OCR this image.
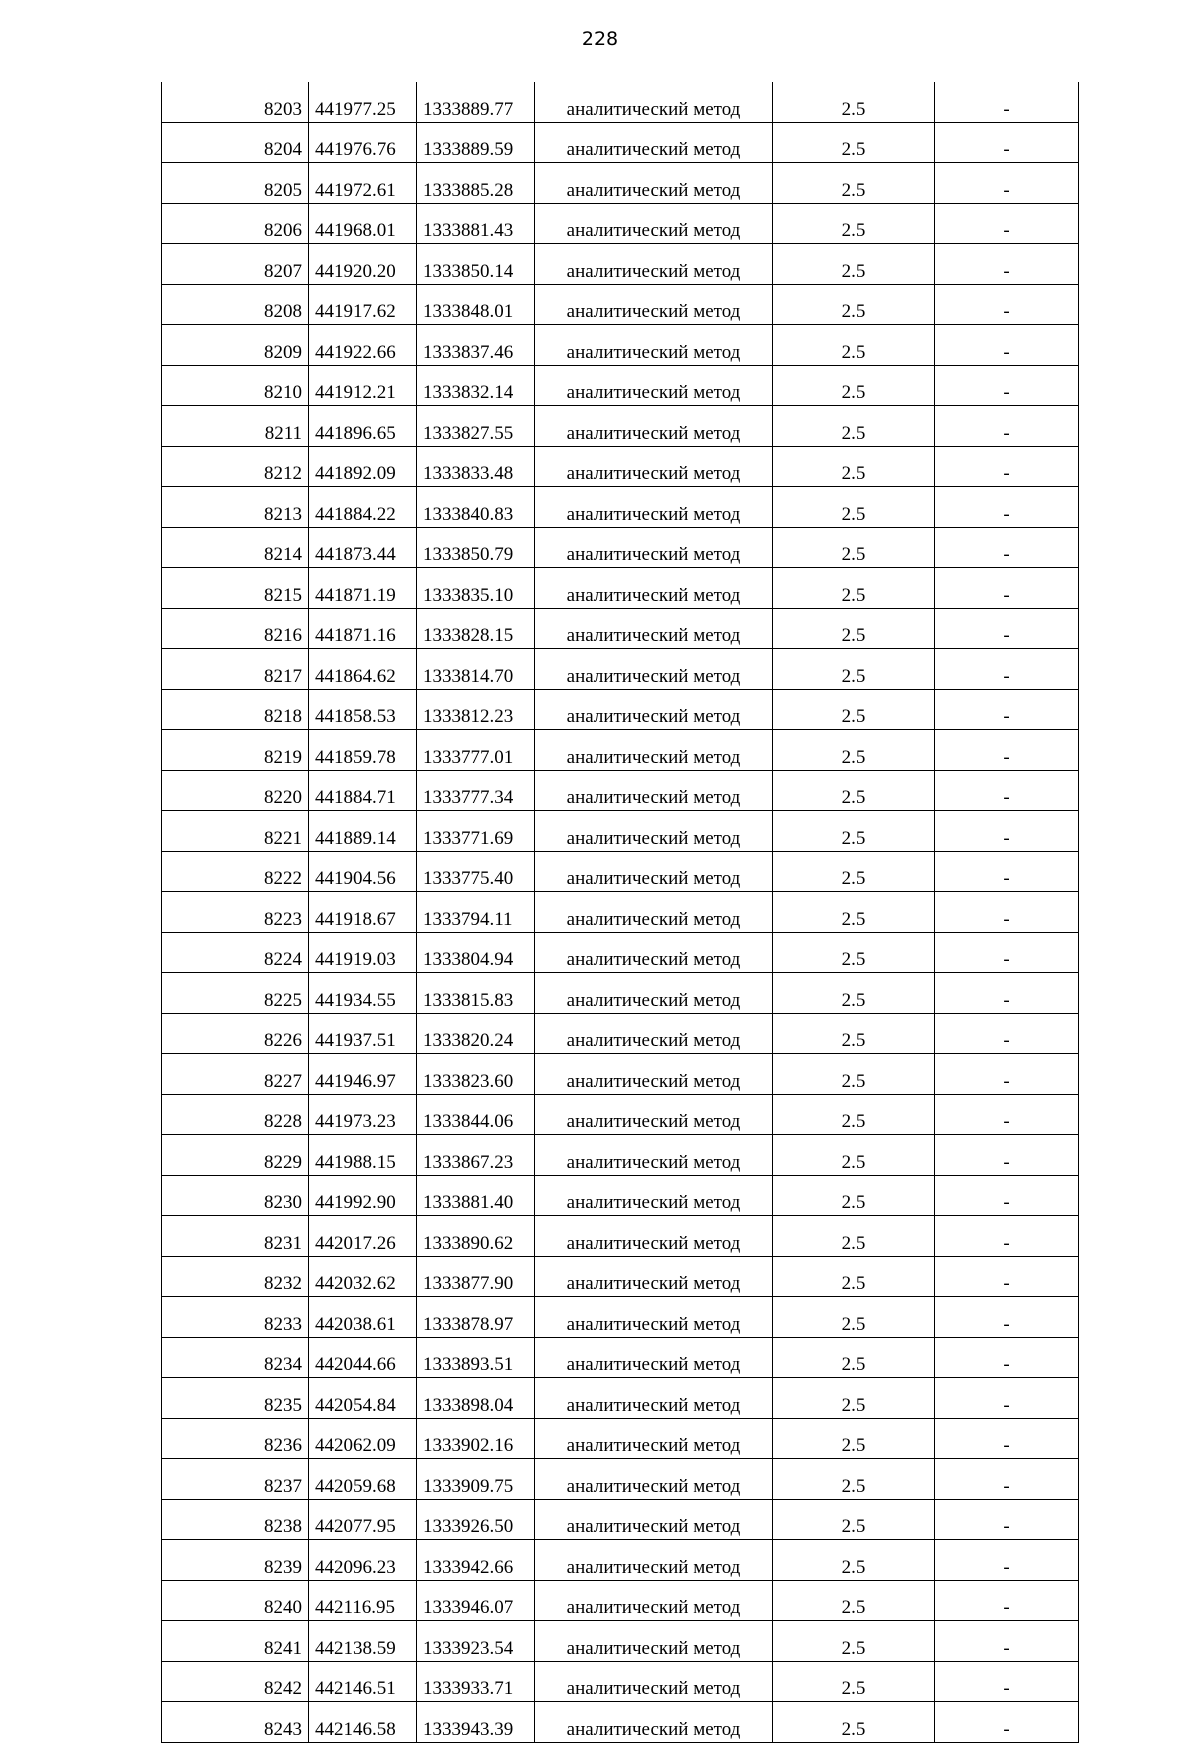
228
8203	441977.25	1333889.77	аналитический метод	2.5	-
8204	441976.76	1333889.59	аналитический метод	2.5	-
8205	441972.61	1333885.28	аналитический метод	2.5	-
8206	441968.01	1333881.43	аналитический метод	2.5	-
8207	441920.20	1333850.14	аналитический метод	2.5	-
8208	441917.62	1333848.01	аналитический метод	2.5	-
8209	441922.66	1333837.46	аналитический метод	2.5	-
8210	441912.21	1333832.14	аналитический метод	2.5	-
8211	441896.65	1333827.55	аналитический метод	2.5	-
8212	441892.09	1333833.48	аналитический метод	2.5	-
8213	441884.22	1333840.83	аналитический метод	2.5	-
8214	441873.44	1333850.79	аналитический метод	2.5	-
8215	441871.19	1333835.10	аналитический метод	2.5	-
8216	441871.16	1333828.15	аналитический метод	2.5	-
8217	441864.62	1333814.70	аналитический метод	2.5	-
8218	441858.53	1333812.23	аналитический метод	2.5	-
8219	441859.78	1333777.01	аналитический метод	2.5	-
8220	441884.71	1333777.34	аналитический метод	2.5	-
8221	441889.14	1333771.69	аналитический метод	2.5	-
8222	441904.56	1333775.40	аналитический метод	2.5	-
8223	441918.67	1333794.11	аналитический метод	2.5	-
8224	441919.03	1333804.94	аналитический метод	2.5	-
8225	441934.55	1333815.83	аналитический метод	2.5	-
8226	441937.51	1333820.24	аналитический метод	2.5	-
8227	441946.97	1333823.60	аналитический метод	2.5	-
8228	441973.23	1333844.06	аналитический метод	2.5	-
8229	441988.15	1333867.23	аналитический метод	2.5	-
8230	441992.90	1333881.40	аналитический метод	2.5	-
8231	442017.26	1333890.62	аналитический метод	2.5	-
8232	442032.62	1333877.90	аналитический метод	2.5	-
8233	442038.61	1333878.97	аналитический метод	2.5	-
8234	442044.66	1333893.51	аналитический метод	2.5	-
8235	442054.84	1333898.04	аналитический метод	2.5	-
8236	442062.09	1333902.16	аналитический метод	2.5	-
8237	442059.68	1333909.75	аналитический метод	2.5	-
8238	442077.95	1333926.50	аналитический метод	2.5	-
8239	442096.23	1333942.66	аналитический метод	2.5	-
8240	442116.95	1333946.07	аналитический метод	2.5	-
8241	442138.59	1333923.54	аналитический метод	2.5	-
8242	442146.51	1333933.71	аналитический метод	2.5	-
8243	442146.58	1333943.39	аналитический метод	2.5	-
